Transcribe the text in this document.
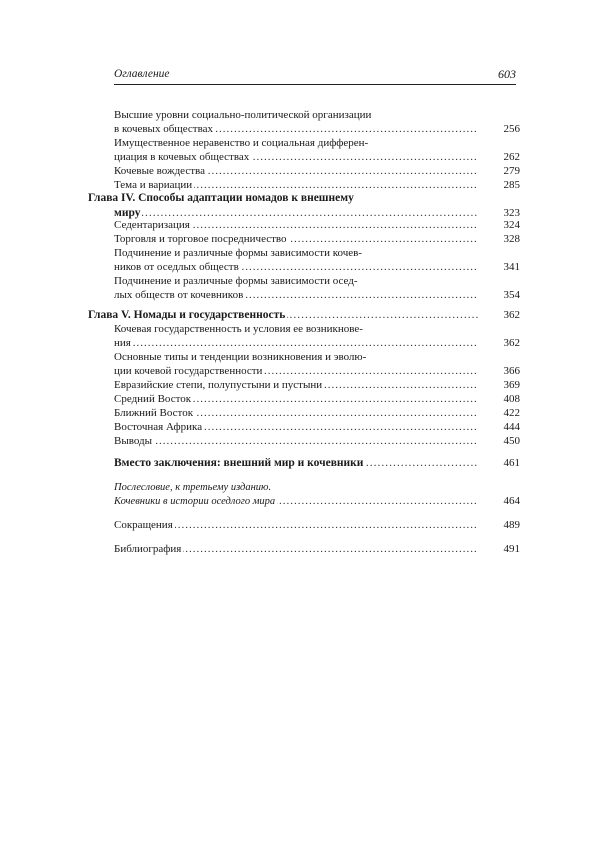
Оглавление	603
Высшие уровни социально-политической организации
в кочевых обществах .....	256
Имущественное неравенство и социальная дифферен-
циация в кочевых обществах .....	262
Кочевые вождества .....	279
Тема и вариации .....	285
Глава IV. Способы адаптации номадов к внешнему
миру .....	323
Седентаризация .....	324
Торговля и торговое посредничество .....	328
Подчинение и различные формы зависимости кочев-
ников от оседлых обществ .....	341
Подчинение и различные формы зависимости осед-
лых обществ от кочевников .....	354
Глава V. Номады и государственность .....	362
Кочевая государственность и условия ее возникнове-
ния .....	362
Основные типы и тенденции возникновения и эволю-
ции кочевой государственности .....	366
Евразийские степи, полупустыни и пустыни .....	369
Средний Восток .....	408
Ближний Восток .....	422
Восточная Африка .....	444
Выводы .....	450
Вместо заключения: внешний мир и кочевники .....	461
Послесловие, к третьему изданию.
Кочевники в истории оседлого мира .....	464
Сокращения .....	489
Библиография .....	491
